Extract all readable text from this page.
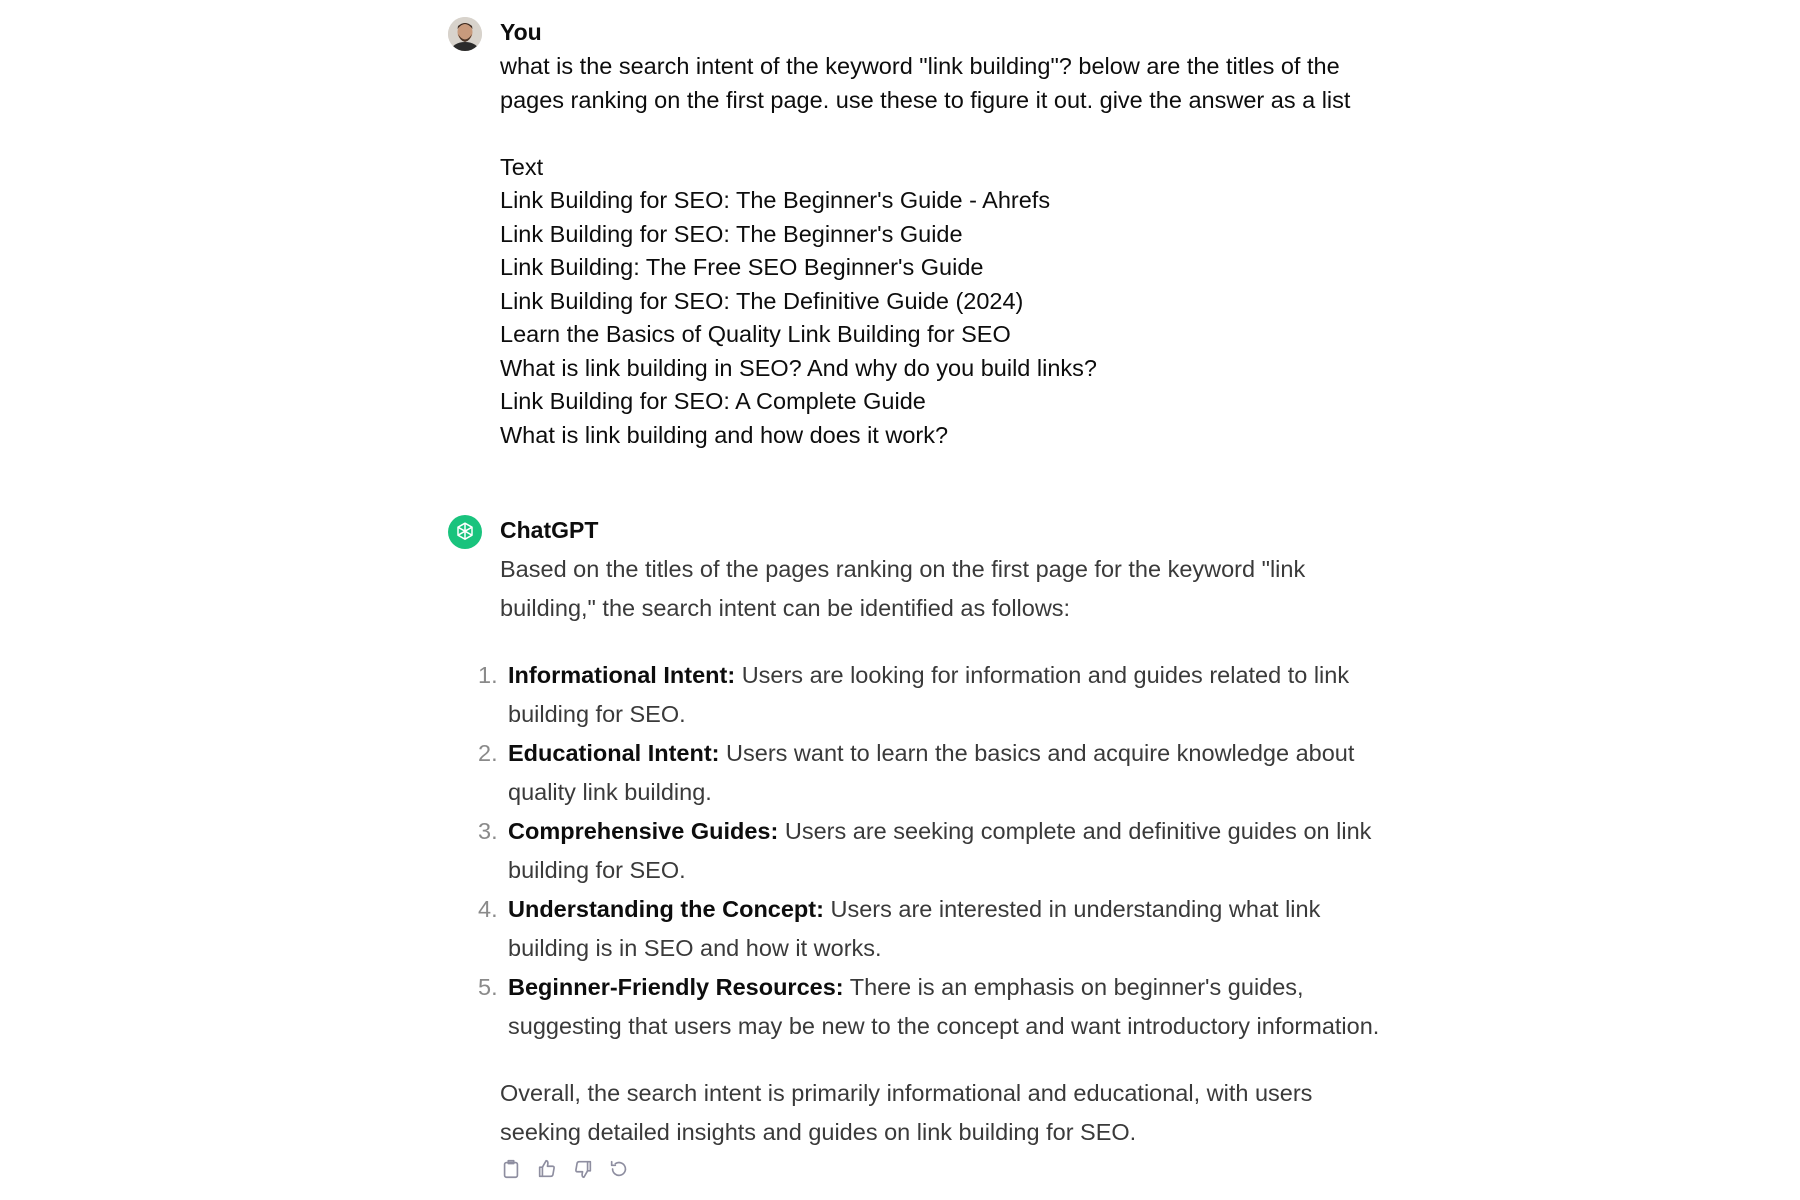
You

what is the search intent of the keyword "link building"? below are the titles of the pages ranking on the first page. use these to figure it out. give the answer as a list

Text

Link Building for SEO: The Beginner's Guide - Ahrefs

Link Building for SEO: The Beginner's Guide

Link Building: The Free SEO Beginner's Guide

Link Building for SEO: The Definitive Guide (2024)

Learn the Basics of Quality Link Building for SEO

What is link building in SEO? And why do you build links?

Link Building for SEO: A Complete Guide

What is link building and how does it work?

ChatGPT

Based on the titles of the pages ranking on the first page for the keyword "link building," the search intent can be identified as follows:

1. Informational Intent: Users are looking for information and guides related to link building for SEO.
2. Educational Intent: Users want to learn the basics and acquire knowledge about quality link building.
3. Comprehensive Guides: Users are seeking complete and definitive guides on link building for SEO.
4. Understanding the Concept: Users are interested in understanding what link building is in SEO and how it works.
5. Beginner-Friendly Resources: There is an emphasis on beginner's guides, suggesting that users may be new to the concept and want introductory information.

Overall, the search intent is primarily informational and educational, with users seeking detailed insights and guides on link building for SEO.
